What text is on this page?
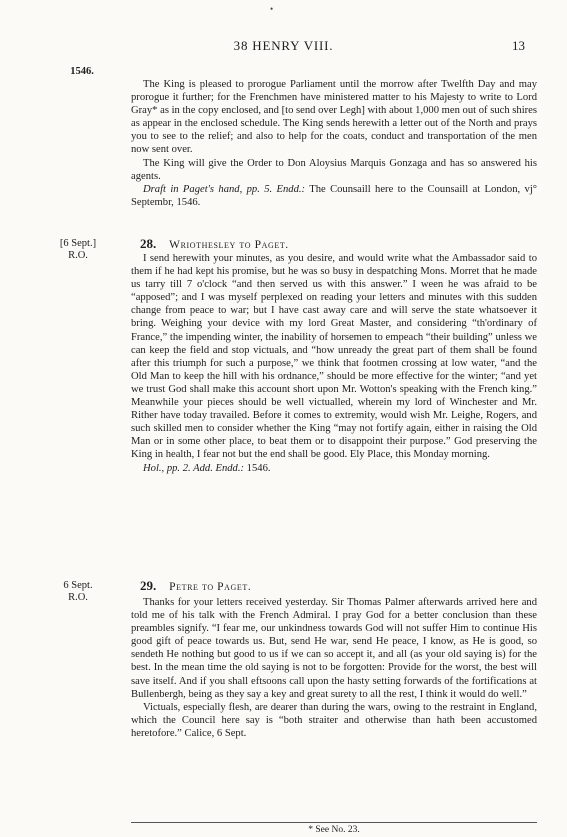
•
38 HENRY VIII.	13
1546.

The King is pleased to prorogue Parliament until the morrow after Twelfth Day and may prorogue it further; for the Frenchmen have ministered matter to his Majesty to write to Lord Gray* as in the copy enclosed, and [to send over Legh] with about 1,000 men out of such shires as appear in the enclosed schedule. The King sends herewith a letter out of the North and prays you to see to the relief; and also to help for the coats, conduct and transportation of the men now sent over.

The King will give the Order to Don Aloysius Marquis Gonzaga and has so answered his agents.

Draft in Paget's hand, pp. 5. Endd.: The Counsaill here to the Counsaill at London, vj° Septembr, 1546.

[6 Sept.]
R.O.
28. Wriothesley to Paget.

I send herewith your minutes, as you desire, and would write what the Ambassador said to them if he had kept his promise, but he was so busy in despatching Mons. Morret that he made us tarry till 7 o'clock “and then served us with this answer.” I ween he was afraid to be “apposed”; and I was myself perplexed on reading your letters and minutes with this sudden change from peace to war; but I have cast away care and will serve the state whatsoever it bring. Weighing your device with my lord Great Master, and considering “th'ordinary of France,” the impending winter, the inability of horsemen to empeach “their building” unless we can keep the field and stop victuals, and “how unready the great part of them shall be found after this triumph for such a purpose,” we think that footmen crossing at low water, “and the Old Man to keep the hill with his ordnance,” should be more effective for the winter; “and yet we trust God shall make this account short upon Mr. Wotton's speaking with the French king.” Meanwhile your pieces should be well victualled, wherein my lord of Winchester and Mr. Rither have today travailed. Before it comes to extremity, would wish Mr. Leighe, Rogers, and such skilled men to consider whether the King “may not fortify again, either in raising the Old Man or in some other place, to beat them or to disappoint their purpose.” God preserving the King in health, I fear not but the end shall be good. Ely Place, this Monday morning.

Hol., pp. 2. Add. Endd.: 1546.

6 Sept.
R.O.
29. Petre to Paget.

Thanks for your letters received yesterday. Sir Thomas Palmer afterwards arrived here and told me of his talk with the French Admiral. I pray God for a better conclusion than these preambles signify. “I fear me, our unkindness towards God will not suffer Him to continue His good gift of peace towards us. But, send He war, send He peace, I know, as He is good, so sendeth He nothing but good to us if we can so accept it, and all (as your old saying is) for the best. In the mean time the old saying is not to be forgotten: Provide for the worst, the best will save itself. And if you shall eftsoons call upon the hasty setting forwards of the fortifications at Bullenbergh, being as they say a key and great surety to all the rest, I think it would do well.”

Victuals, especially flesh, are dearer than during the wars, owing to the restraint in England, which the Council here say is “both straiter and otherwise than hath been accustomed heretofore.” Calice, 6 Sept.

* See No. 23.
